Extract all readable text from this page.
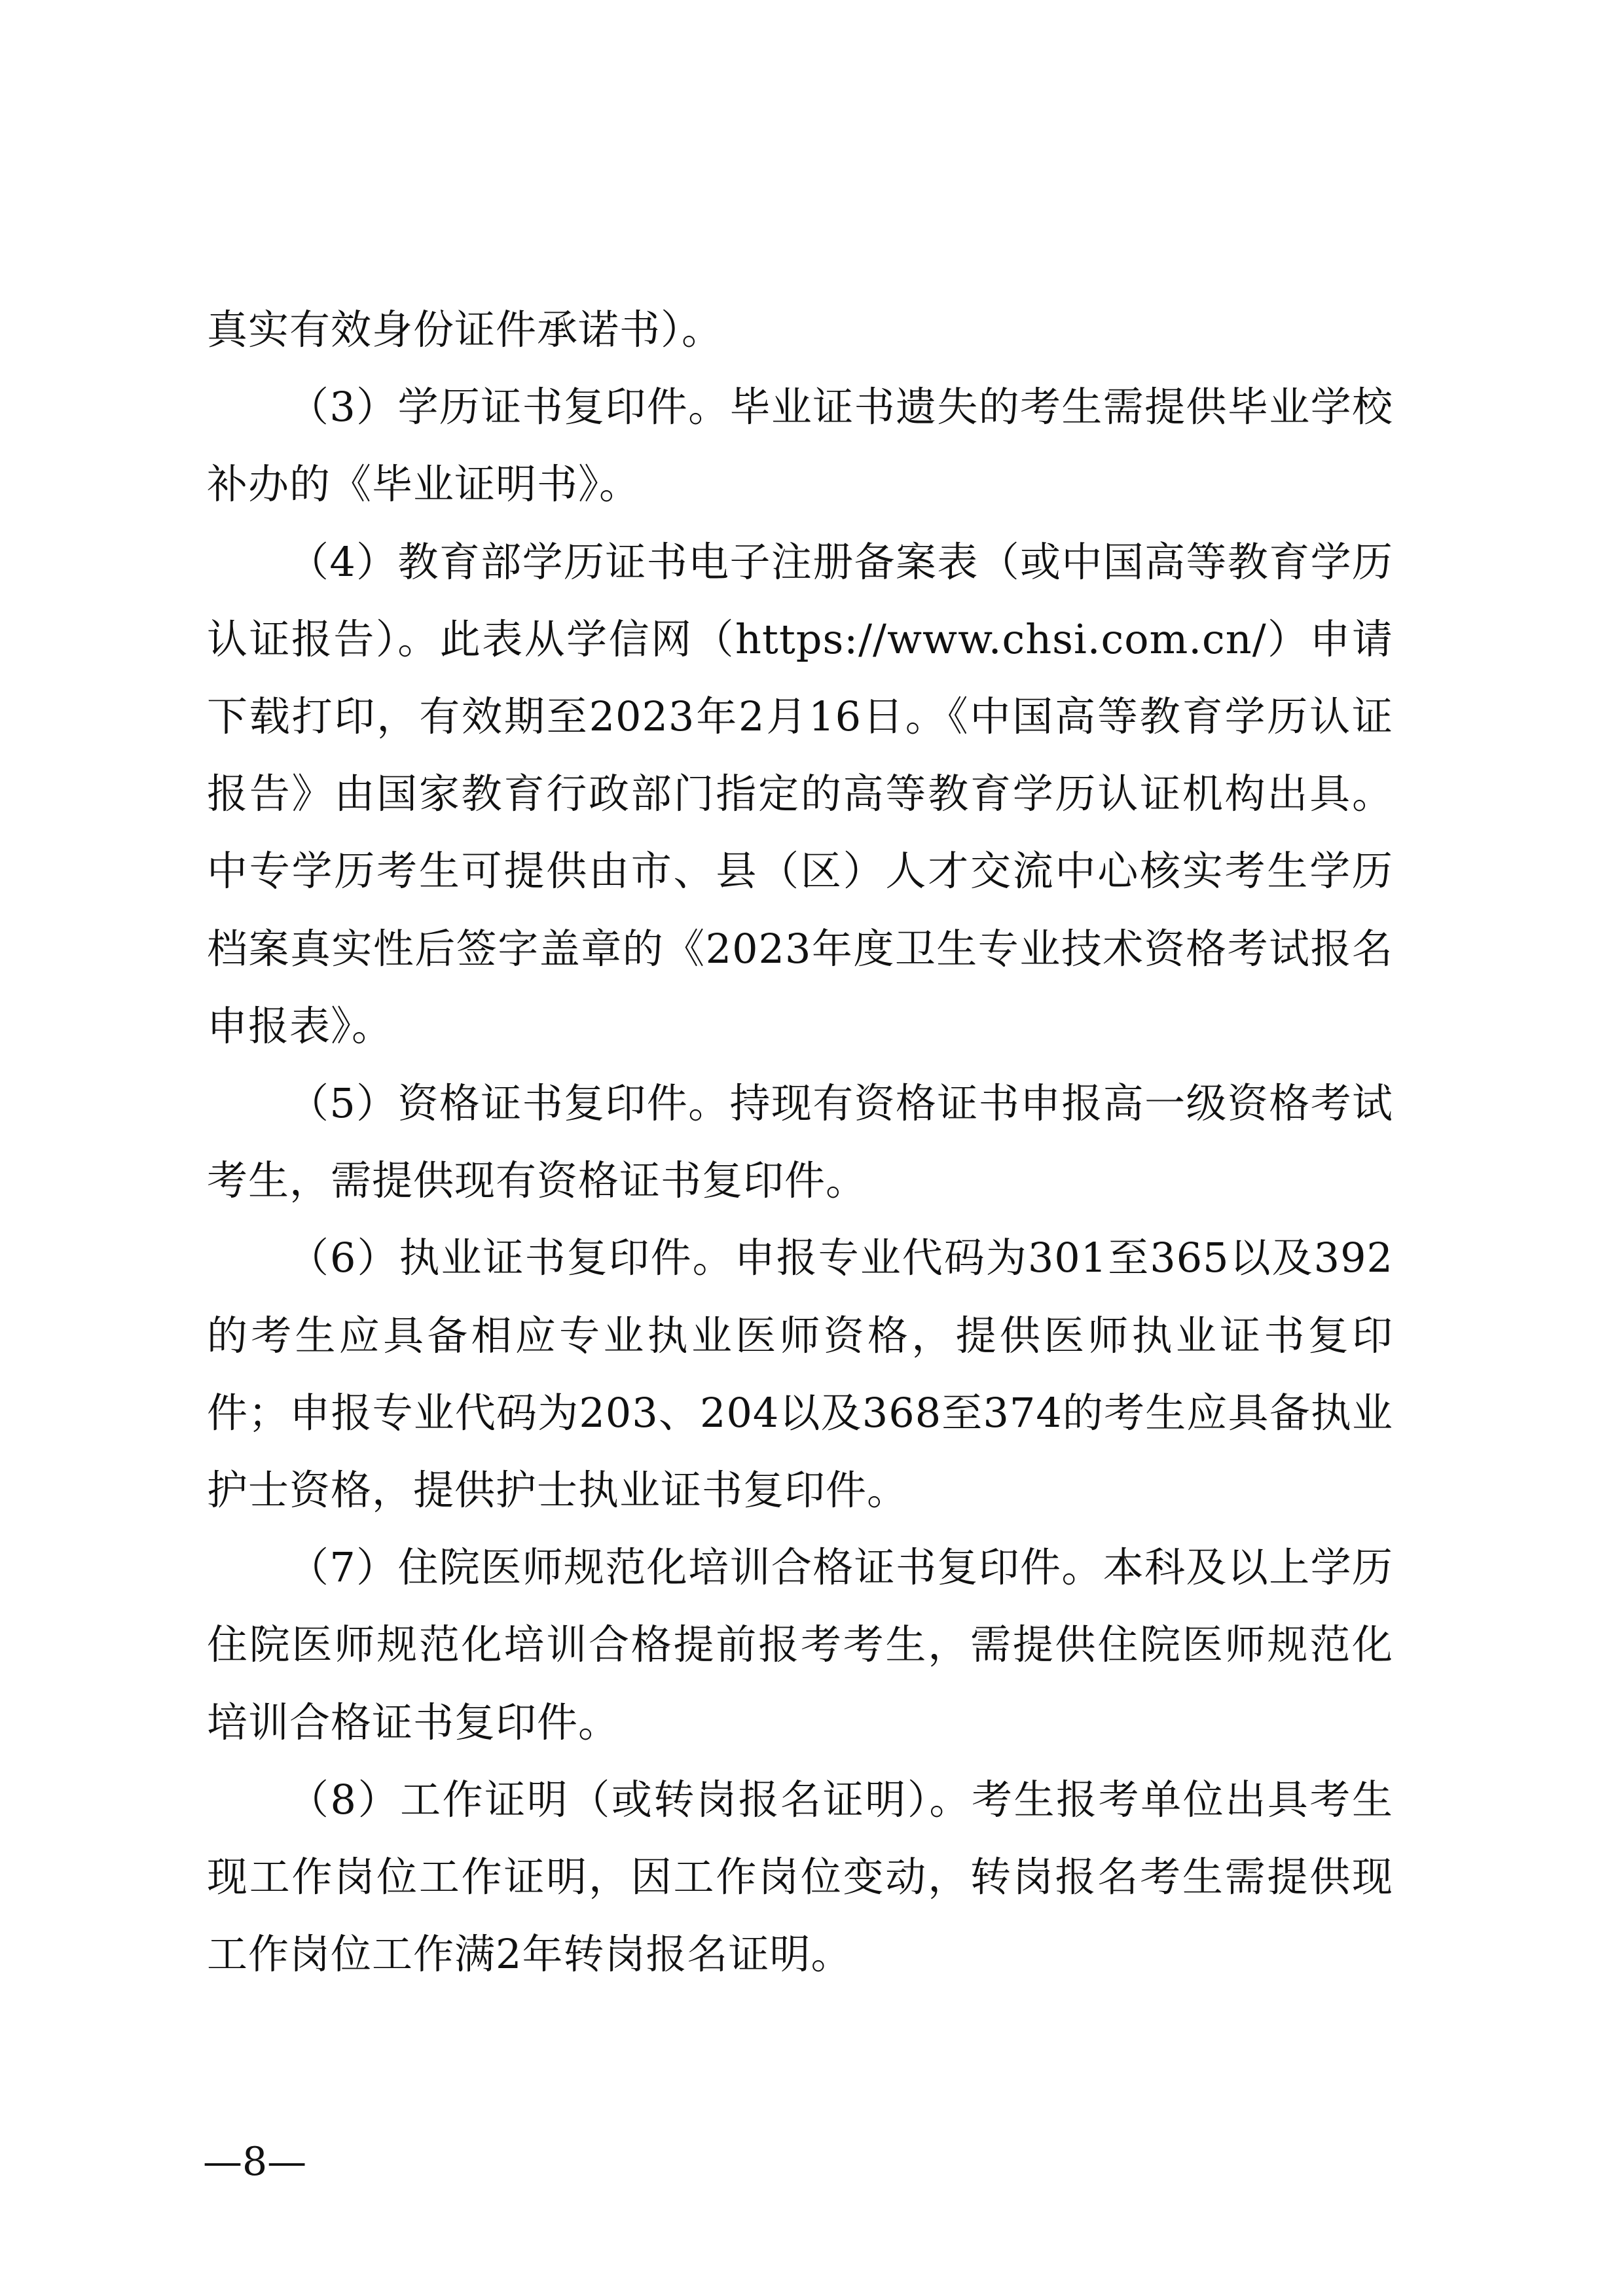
真实有效身份证件承诺书）。

（3）学历证书复印件。毕业证书遗失的考生需提供毕业学校补办的《毕业证明书》。

（4）教育部学历证书电子注册备案表（或中国高等教育学历认证报告）。此表从学信网（https://www.chsi.com.cn/）申请下载打印，有效期至2023年2月16日。《中国高等教育学历认证报告》由国家教育行政部门指定的高等教育学历认证机构出具。中专学历考生可提供由市、县（区）人才交流中心核实考生学历档案真实性后签字盖章的《2023年度卫生专业技术资格考试报名申报表》。

（5）资格证书复印件。持现有资格证书申报高一级资格考试考生，需提供现有资格证书复印件。

（6）执业证书复印件。申报专业代码为301至365以及392的考生应具备相应专业执业医师资格，提供医师执业证书复印件；申报专业代码为203、204以及368至374的考生应具备执业护士资格，提供护士执业证书复印件。

（7）住院医师规范化培训合格证书复印件。本科及以上学历住院医师规范化培训合格提前报考考生，需提供住院医师规范化培训合格证书复印件。

（8）工作证明（或转岗报名证明）。考生报考单位出具考生现工作岗位工作证明，因工作岗位变动，转岗报名考生需提供现工作岗位工作满2年转岗报名证明。

—8—
